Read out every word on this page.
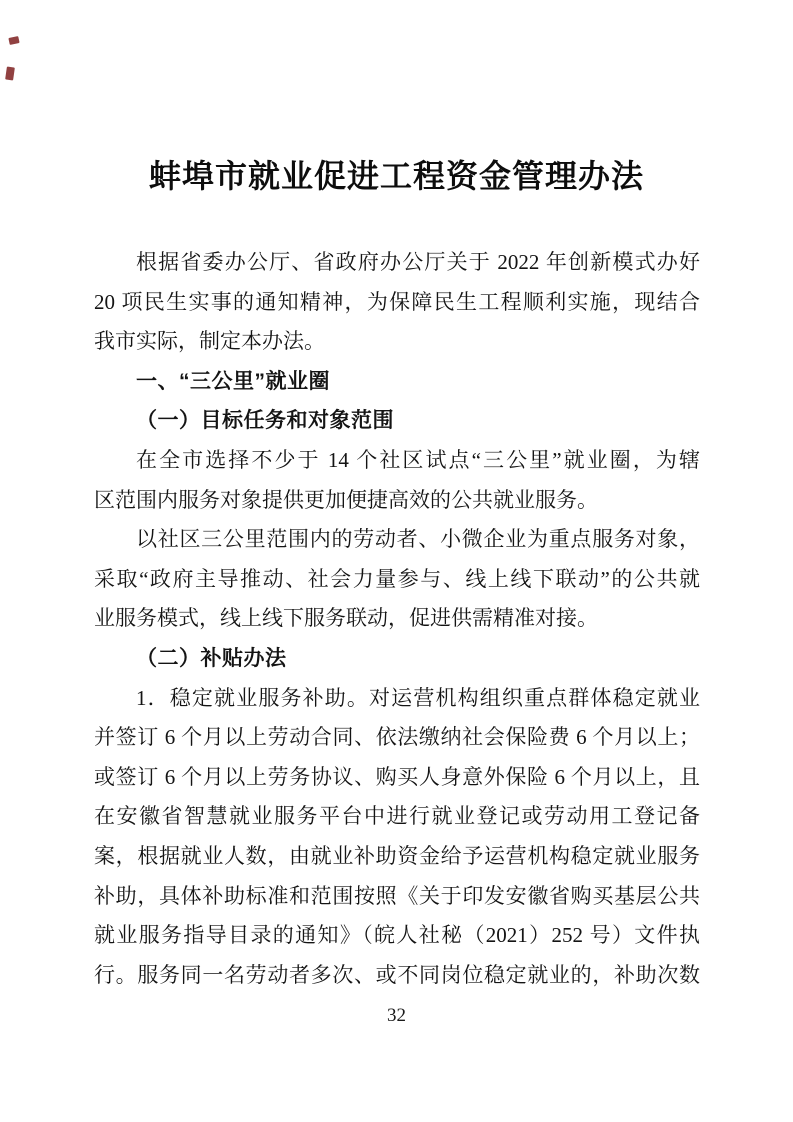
蚌埠市就业促进工程资金管理办法
根据省委办公厅、省政府办公厅关于 2022 年创新模式办好
20 项民生实事的通知精神，为保障民生工程顺利实施，现结合
我市实际，制定本办法。
一、“三公里”就业圈
（一）目标任务和对象范围
在全市选择不少于 14 个社区试点“三公里”就业圈，为辖
区范围内服务对象提供更加便捷高效的公共就业服务。
以社区三公里范围内的劳动者、小微企业为重点服务对象，
采取“政府主导推动、社会力量参与、线上线下联动”的公共就
业服务模式，线上线下服务联动，促进供需精准对接。
（二）补贴办法
1．稳定就业服务补助。对运营机构组织重点群体稳定就业
并签订 6 个月以上劳动合同、依法缴纳社会保险费 6 个月以上；
或签订 6 个月以上劳务协议、购买人身意外保险 6 个月以上，且
在安徽省智慧就业服务平台中进行就业登记或劳动用工登记备
案，根据就业人数，由就业补助资金给予运营机构稳定就业服务
补助，具体补助标准和范围按照《关于印发安徽省购买基层公共
就业服务指导目录的通知》（皖人社秘（2021）252 号）文件执
行。服务同一名劳动者多次、或不同岗位稳定就业的，补助次数
32
